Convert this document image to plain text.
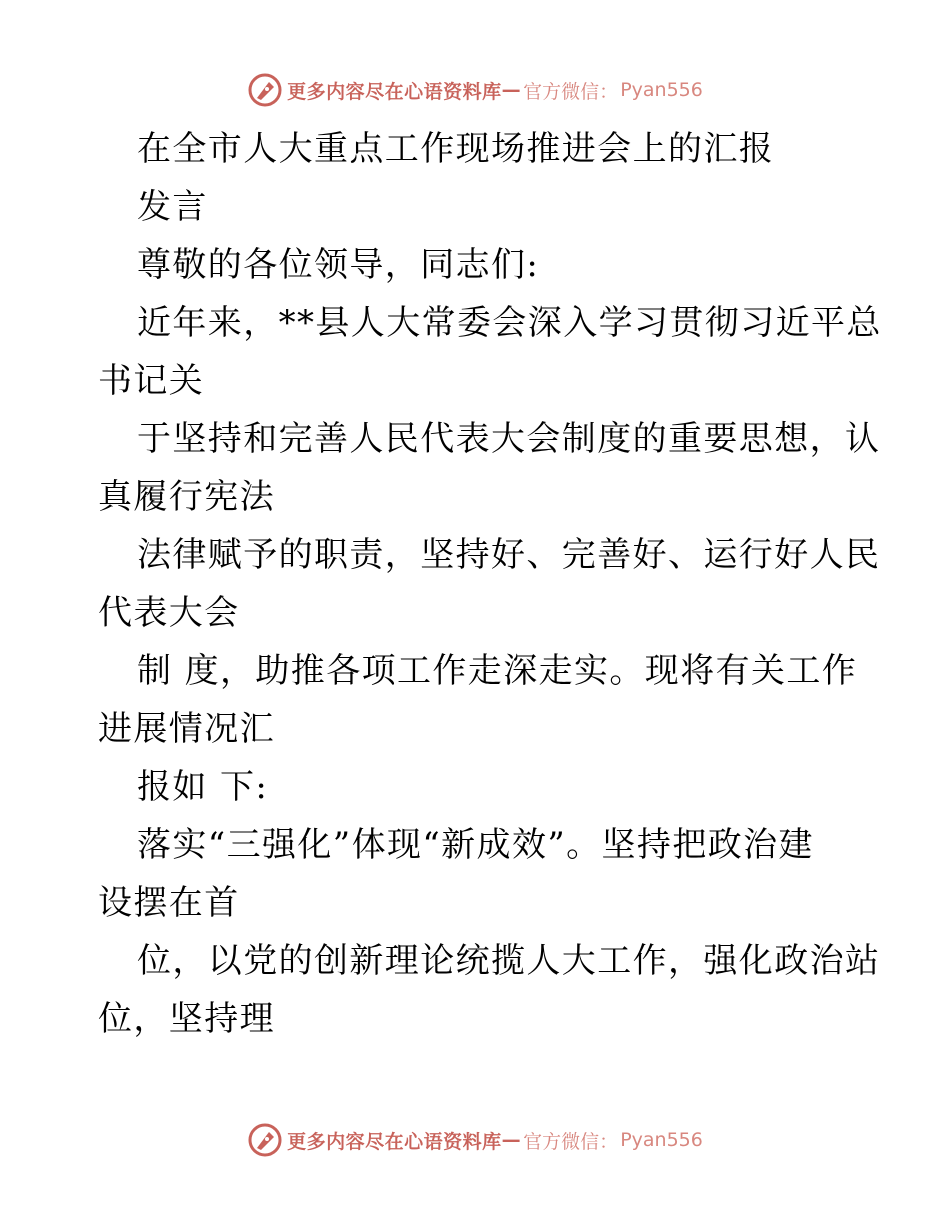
更多内容尽在心语资料库 — 官方微信： Pyan556
在全市人大重点工作现场推进会上的汇报
发言
尊敬的各位领导，同志们:
近年来，**县人大常委会深入学习贯彻习近平总
书记关
于坚持和完善人民代表大会制度的重要思想，认
真履行宪法
法律赋予的职责，坚持好、完善好、运行好人民
代表大会
制 度，助推各项工作走深走实。现将有关工作
进展情况汇
报如 下:
落实“三强化”体现“新成效”。坚持把政治建
设摆在首
位，以党的创新理论统揽人大工作，强化政治站
位，坚持理
更多内容尽在心语资料库 — 官方微信： Pyan556
